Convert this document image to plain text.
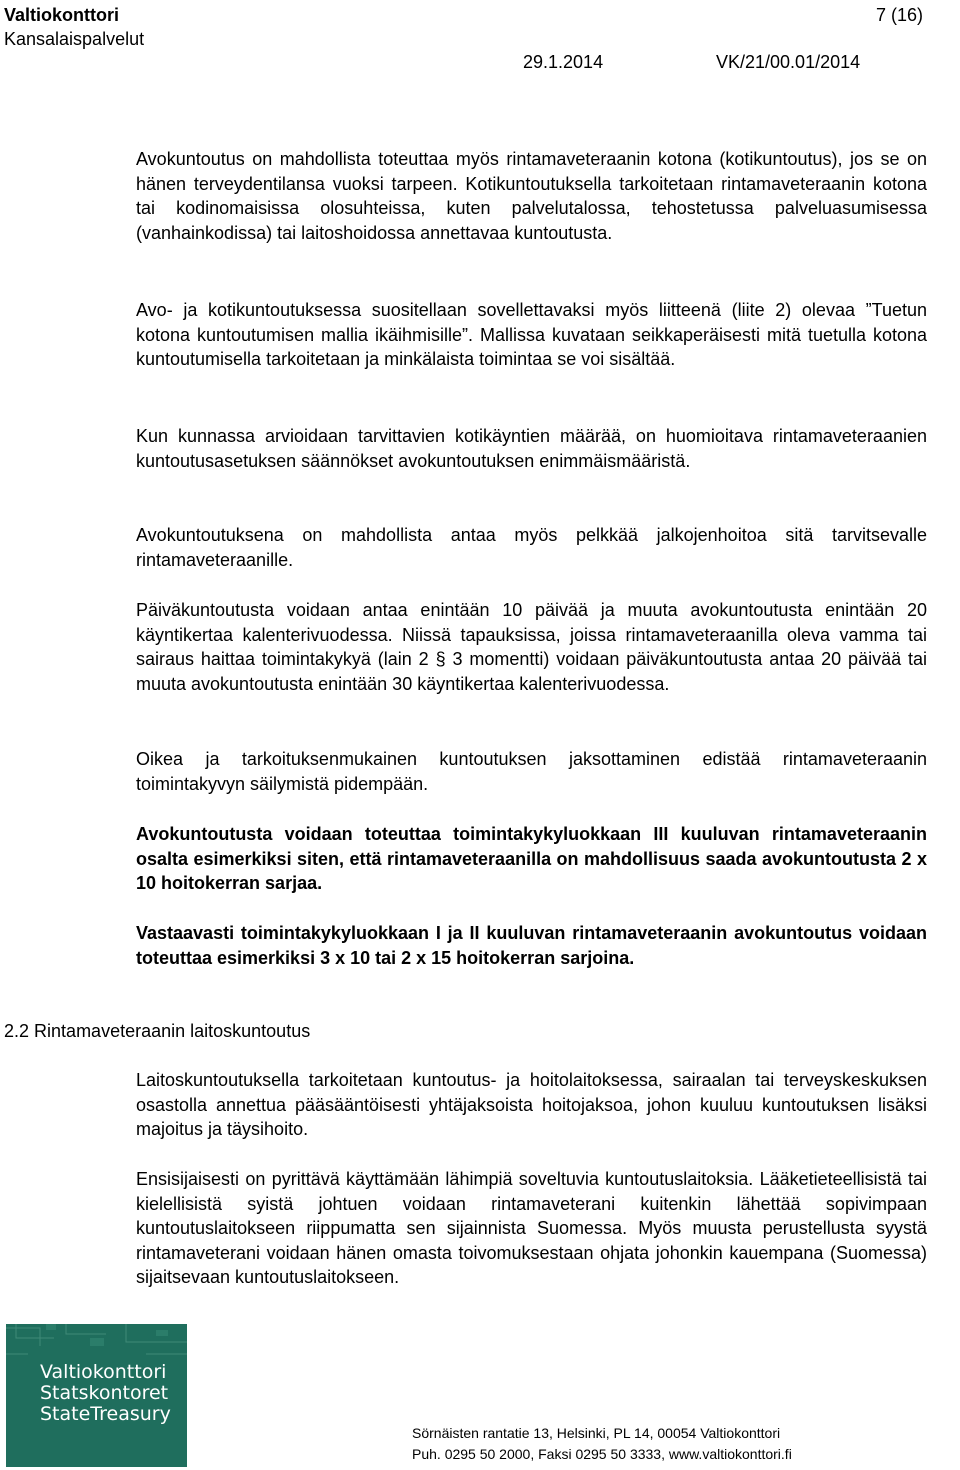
Valtiokonttori
Kansalaispalvelut
7 (16)
29.1.2014	VK/21/00.01/2014

Avokuntoutus on mahdollista toteuttaa myös rintamaveteraanin kotona (kotikuntoutus), jos se on hänen terveydentilansa vuoksi tarpeen. Kotikuntoutuksella tarkoitetaan rintamaveteraanin kotona tai kodinomaisissa olosuhteissa, kuten palvelutalossa, tehostetussa palveluasumisessa (vanhainkodissa) tai laitoshoidossa annettavaa kuntoutusta.

Avo- ja kotikuntoutuksessa suositellaan sovellettavaksi myös liitteenä (liite 2) olevaa ”Tuetun kotona kuntoutumisen mallia ikäihmisille”. Mallissa kuvataan seikkaperäisesti mitä tuetulla kotona kuntoutumisella tarkoitetaan ja minkälaista toimintaa se voi sisältää.

Kun kunnassa arvioidaan tarvittavien kotikäyntien määrää, on huomioitava rintamaveteraanien kuntoutusasetuksen säännökset avokuntoutuksen enimmäismääristä.

Avokuntoutuksena on mahdollista antaa myös pelkkää jalkojenhoitoa sitä tarvitsevalle rintamaveteraanille.

Päiväkuntoutusta voidaan antaa enintään 10 päivää ja muuta avokuntoutusta enintään 20 käyntikertaa kalenterivuodessa. Niissä tapauksissa, joissa rintamaveteraanilla oleva vamma tai sairaus haittaa toimintakykyä (lain 2 § 3 momentti) voidaan päiväkuntoutusta antaa 20 päivää tai muuta avokuntoutusta enintään 30 käyntikertaa kalenterivuodessa.

Oikea ja tarkoituksenmukainen kuntoutuksen jaksottaminen edistää rintamaveteraanin toimintakyvyn säilymistä pidempään.

Avokuntoutusta voidaan toteuttaa toimintakykyluokkaan III kuuluvan rintamaveteraanin osalta esimerkiksi siten, että rintamaveteraanilla on mahdollisuus saada avokuntoutusta 2 x 10 hoitokerran sarjaa.

Vastaavasti toimintakykyluokkaan I ja II kuuluvan rintamaveteraanin avokuntoutus voidaan toteuttaa esimerkiksi 3 x 10 tai 2 x 15 hoitokerran sarjoina.

2.2 Rintamaveteraanin laitoskuntoutus

Laitoskuntoutuksella tarkoitetaan kuntoutus- ja hoitolaitoksessa, sairaalan tai terveyskeskuksen osastolla annettua pääsääntöisesti yhtäjaksoista hoitojaksoa, johon kuuluu kuntoutuksen lisäksi majoitus ja täysihoito.

Ensisijaisesti on pyrittävä käyttämään lähimpiä soveltuvia kuntoutuslaitoksia. Lääketieteellisistä tai kielellisistä syistä johtuen voidaan rintamaveterani kuitenkin lähettää sopivimpaan kuntoutuslaitokseen riippumatta sen sijainnista Suomessa. Myös muusta perustellusta syystä rintamaveterani voidaan hänen omasta toivomuksestaan ohjata johonkin kauempana (Suomessa) sijaitsevaan kuntoutuslaitokseen.

Valtiokonttori
Statskontoret
StateTreasury
Sörnäisten rantatie 13, Helsinki, PL 14, 00054 Valtiokonttori
Puh. 0295 50 2000, Faksi 0295 50 3333, www.valtiokonttori.fi
